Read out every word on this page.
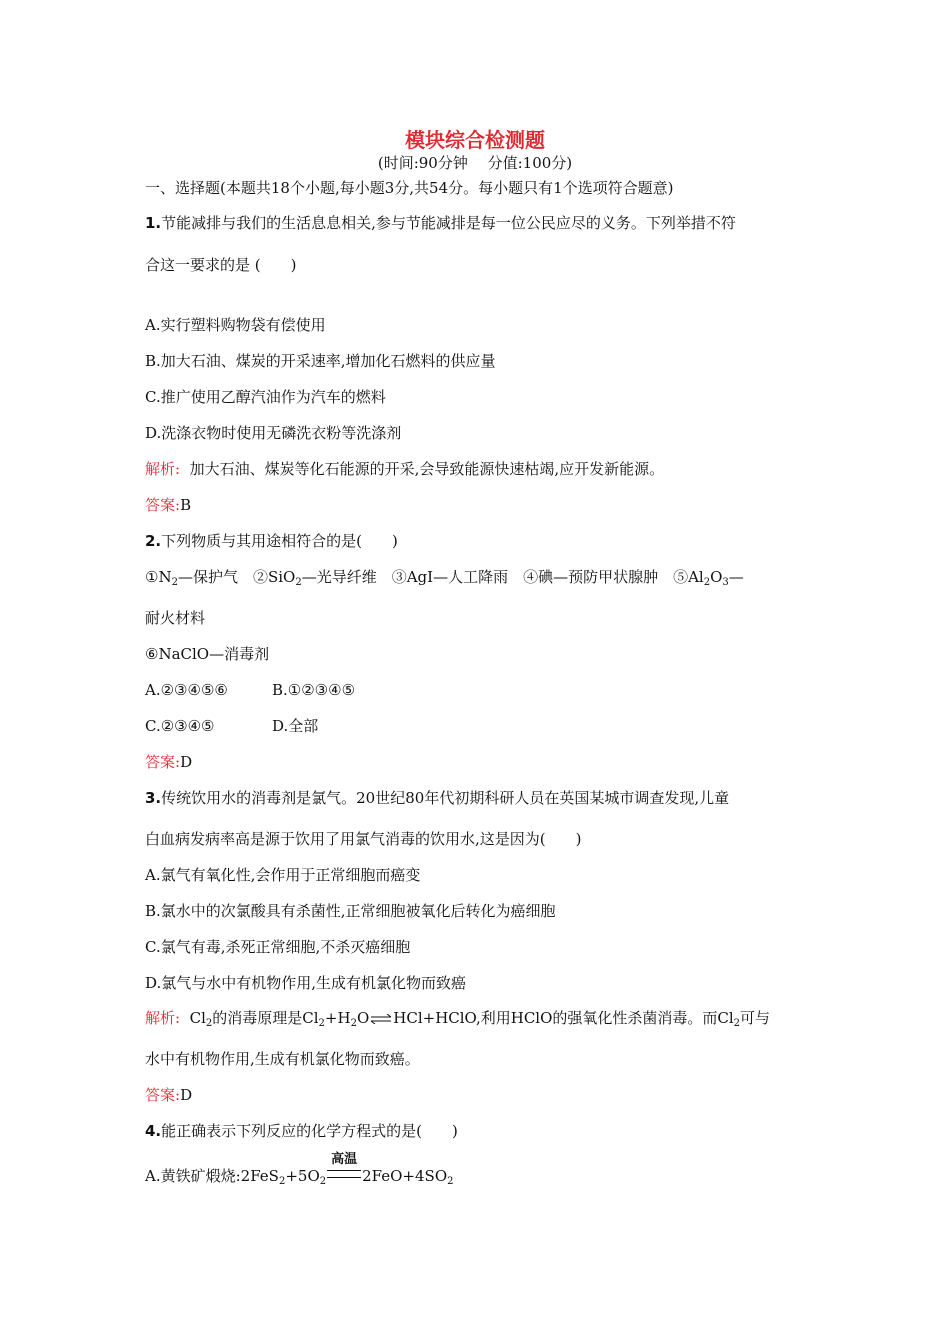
模块综合检测题
(时间:90分钟　 分值:100分)
一、选择题(本题共18个小题,每小题3分,共54分。每小题只有1个选项符合题意)
1.节能减排与我们的生活息息相关,参与节能减排是每一位公民应尽的义务。下列举措不符
合这一要求的是 (　　)
A.实行塑料购物袋有偿使用
B.加大石油、煤炭的开采速率,增加化石燃料的供应量
C.推广使用乙醇汽油作为汽车的燃料
D.洗涤衣物时使用无磷洗衣粉等洗涤剂
解析: 加大石油、煤炭等化石能源的开采,会导致能源快速枯竭,应开发新能源。
答案:B
2.下列物质与其用途相符合的是(　　)
$①N_2—$保护气　②SiO$_2$—光导纤维　③AgI—人工降雨　④碘—预防甲状腺肿　$⑤Al_2O_3—$
耐火材料
⑥NaClO—消毒剂
A.②③④⑤⑥	B.①②③④⑤
C.②③④⑤	D.全部
答案:D
3.传统饮用水的消毒剂是氯气。20世纪80年代初期科研人员在英国某城市调查发现,儿童
白血病发病率高是源于饮用了用氯气消毒的饮用水,这是因为(　　)
A.氯气有氧化性,会作用于正常细胞而癌变
B.氯水中的次氯酸具有杀菌性,正常细胞被氧化后转化为癌细胞
C.氯气有毒,杀死正常细胞,不杀灭癌细胞
D.氯气与水中有机物作用,生成有机氯化物而致癌
解析: $Cl_2$的消毒原理是$Cl_2+H_2O\rightleftharpoons HCl+HClO$,利用HClO的强氧化性杀菌消毒。而$Cl_2$可与
水中有机物作用,生成有机氯化物而致癌。
答案:D
4.能正确表示下列反应的化学方程式的是(　　)
A.黄铁矿煅烧$:2FeS_2+5O_2$
高温
$2FeO+4SO_2$
